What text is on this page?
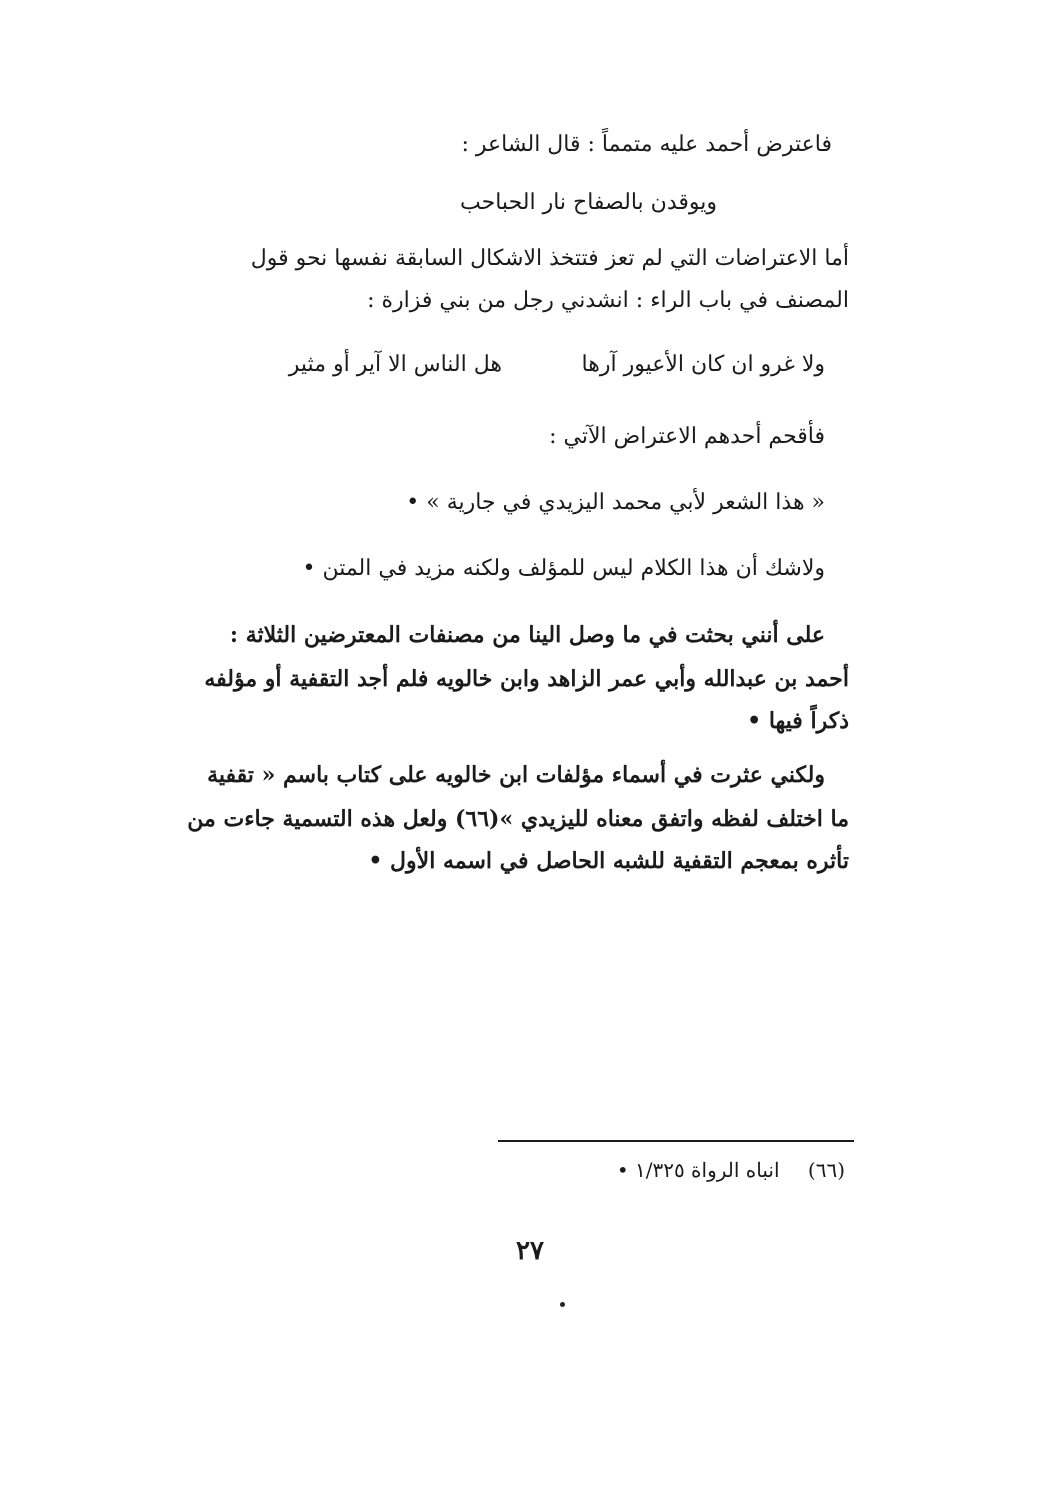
فاعترض أحمد عليه متمماً : قال الشاعر :
ويوقدن بالصفاح نار الحباحب
أما الاعتراضات التي لم تعز فتتخذ الاشكال السابقة نفسها نحو قول
المصنف في باب الراء : انشدني رجل من بني فزارة :
ولا غرو ان كان الأعيور آرها
هل الناس الا آير أو مثير
فأقحم أحدهم الاعتراض الآتي :
« هذا الشعر لأبي محمد اليزيدي في جارية » •
ولاشك أن هذا الكلام ليس للمؤلف ولكنه مزيد في المتن •
على أنني بحثت في ما وصل الينا من مصنفات المعترضين الثلاثة :
أحمد بن عبدالله وأبي عمر الزاهد وابن خالويه فلم أجد التقفية أو مؤلفه
ذكراً فيها •
ولكني عثرت في أسماء مؤلفات ابن خالويه على كتاب باسم « تقفية
ما اختلف لفظه واتفق معناه لليزيدي »(٦٦) ولعل هذه التسمية جاءت من
تأثره بمعجم التقفية للشبه الحاصل في اسمه الأول •
(٦٦) انباه الرواة ١/٣٢٥ •
٢٧
